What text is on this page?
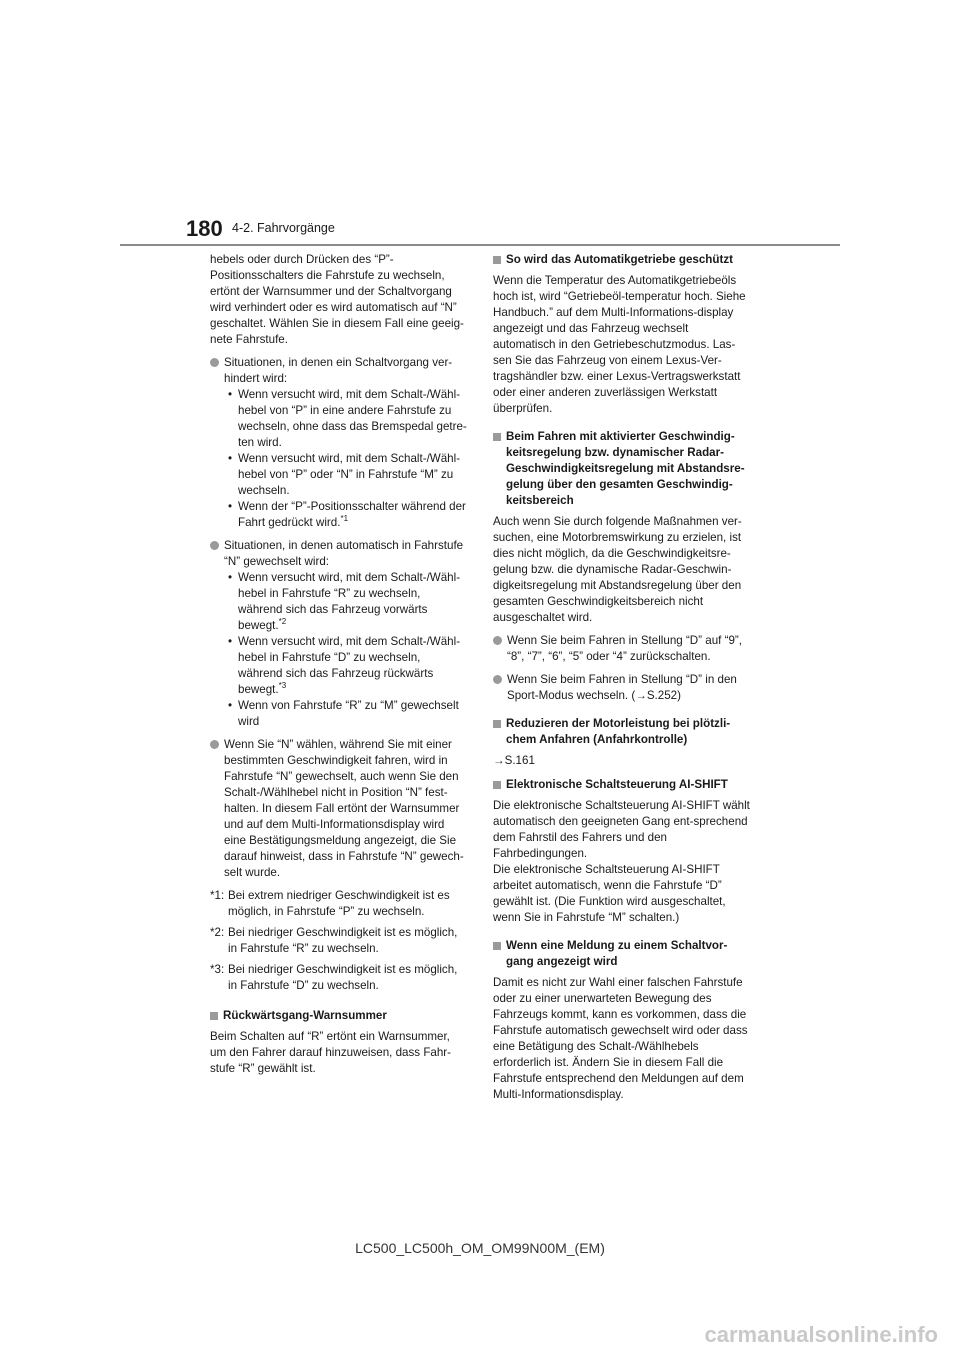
180 4-2. Fahrvorgänge

hebels oder durch Drücken des “P”-Positionsschalters die Fahrstufe zu wechseln, ertönt der Warnsummer und der Schaltvorgang wird verhindert oder es wird automatisch auf “N” geschaltet. Wählen Sie in diesem Fall eine geeig-nete Fahrstufe.

Situationen, in denen ein Schaltvorgang ver-hindert wird:
• Wenn versucht wird, mit dem Schalt-/Wähl-hebel von “P” in eine andere Fahrstufe zu wechseln, ohne dass das Bremspedal getre-ten wird.
• Wenn versucht wird, mit dem Schalt-/Wähl-hebel von “P” oder “N” in Fahrstufe “M” zu wechseln.
• Wenn der “P”-Positionsschalter während der Fahrt gedrückt wird.$^{*1}$
Situationen, in denen automatisch in Fahrstufe “N” gewechselt wird:
• Wenn versucht wird, mit dem Schalt-/Wähl-hebel in Fahrstufe “R” zu wechseln, während sich das Fahrzeug vorwärts bewegt.$^{*2}$
• Wenn versucht wird, mit dem Schalt-/Wähl-hebel in Fahrstufe “D” zu wechseln, während sich das Fahrzeug rückwärts bewegt.$^{*3}$
• Wenn von Fahrstufe “R” zu “M” gewechselt wird
Wenn Sie “N” wählen, während Sie mit einer bestimmten Geschwindigkeit fahren, wird in Fahrstufe “N” gewechselt, auch wenn Sie den Schalt-/Wählhebel nicht in Position “N” fest-halten. In diesem Fall ertönt der Warnsummer und auf dem Multi-Informationsdisplay wird eine Bestätigungsmeldung angezeigt, die Sie darauf hinweist, dass in Fahrstufe “N” gewech-selt wurde.
*1: Bei extrem niedriger Geschwindigkeit ist es möglich, in Fahrstufe “P” zu wechseln.
*2: Bei niedriger Geschwindigkeit ist es möglich, in Fahrstufe “R” zu wechseln.
*3: Bei niedriger Geschwindigkeit ist es möglich, in Fahrstufe “D” zu wechseln.
Rückwärtsgang-Warnsummer

Beim Schalten auf “R” ertönt ein Warnsummer, um den Fahrer darauf hinzuweisen, dass Fahr-stufe “R” gewählt ist.

So wird das Automatikgetriebe geschützt

Wenn die Temperatur des Automatikgetriebeöls hoch ist, wird “Getriebeöl-temperatur hoch. Siehe Handbuch.” auf dem Multi-Informations-display angezeigt und das Fahrzeug wechselt automatisch in den Getriebeschutzmodus. Las-sen Sie das Fahrzeug von einem Lexus-Ver-tragshändler bzw. einer Lexus-Vertragswerkstatt oder einer anderen zuverlässigen Werkstatt überprüfen.

Beim Fahren mit aktivierter Geschwindig-keitsregelung bzw. dynamischer Radar-Geschwindigkeitsregelung mit Abstandsre-gelung über den gesamten Geschwindig-keitsbereich

Auch wenn Sie durch folgende Maßnahmen ver-suchen, eine Motorbremswirkung zu erzielen, ist dies nicht möglich, da die Geschwindigkeitsre-gelung bzw. die dynamische Radar-Geschwin-digkeitsregelung mit Abstandsregelung über den gesamten Geschwindigkeitsbereich nicht ausgeschaltet wird.

Wenn Sie beim Fahren in Stellung “D” auf “9”, “8”, “7”, “6”, “5” oder “4” zurückschalten.
Wenn Sie beim Fahren in Stellung “D” in den Sport-Modus wechseln. (→S.252)
Reduzieren der Motorleistung bei plötzli-chem Anfahren (Anfahrkontrolle)

→S.161

Elektronische Schaltsteuerung AI-SHIFT

Die elektronische Schaltsteuerung AI-SHIFT wählt automatisch den geeigneten Gang ent-sprechend dem Fahrstil des Fahrers und den Fahrbedingungen.

Die elektronische Schaltsteuerung AI-SHIFT arbeitet automatisch, wenn die Fahrstufe “D” gewählt ist. (Die Funktion wird ausgeschaltet, wenn Sie in Fahrstufe “M” schalten.)

Wenn eine Meldung zu einem Schaltvor-gang angezeigt wird

Damit es nicht zur Wahl einer falschen Fahrstufe oder zu einer unerwarteten Bewegung des Fahrzeugs kommt, kann es vorkommen, dass die Fahrstufe automatisch gewechselt wird oder dass eine Betätigung des Schalt-/Wählhebels erforderlich ist. Ändern Sie in diesem Fall die Fahrstufe entsprechend den Meldungen auf dem Multi-Informationsdisplay.

LC500_LC500h_OM_OM99N00M_(EM)
carmanualsonline.info
